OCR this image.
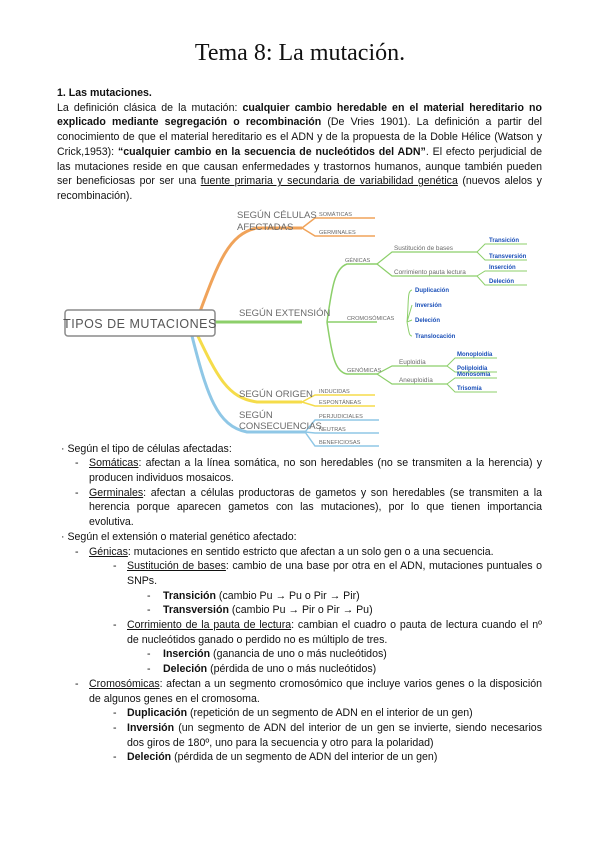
Tema 8: La mutación.
1. Las mutaciones.
La definición clásica de la mutación: cualquier cambio heredable en el material hereditario no explicado mediante segregación o recombinación (De Vries 1901). La definición a partir del conocimiento de que el material hereditario es el ADN y de la propuesta de la Doble Hélice (Watson y Crick,1953): “cualquier cambio en la secuencia de nucleótidos del ADN”. El efecto perjudicial de las mutaciones reside en que causan enfermedades y trastornos humanos, aunque también pueden ser beneficiosas por ser una fuente primaria y secundaria de variabilidad genética (nuevos alelos y recombinación).
TIPOS DE MUTACIONES
SEGÚN CÉLULAS
AFECTADAS
SEGÚN EXTENSIÓN
SEGÚN ORIGEN
SEGÚN
CONSECUENCIAS
SOMÁTICAS
GERMINALES
GÉNICAS
Sustitución de bases
Corrimiento pauta lectura
CROMOSÓMICAS
GENÓMICAS
Euploidía
Aneuploidía
INDUCIDAS
ESPONTÁNEAS
PERJUDICIALES
NEUTRAS
BENEFICIOSAS
Transición
Transversión
Inserción
Deleción
Duplicación
Inversión
Deleción
Translocación
Monoploidía
Poliploidía
Monosomía
Trisomía
· Según el tipo de células afectadas:
- Somáticas: afectan a la línea somática, no son heredables (no se transmiten a la herencia) y producen individuos mosaicos.
- Germinales: afectan a células productoras de gametos y son heredables (se transmiten a la herencia porque aparecen gametos con las mutaciones), por lo que tienen importancia evolutiva.
· Según el extensión o material genético afectado:
- Génicas: mutaciones en sentido estricto que afectan a un solo gen o a una secuencia.
- Sustitución de bases: cambio de una base por otra en el ADN, mutaciones puntuales o SNPs.
- Transición (cambio Pu → Pu o Pir → Pir)
- Transversión (cambio Pu → Pir o Pir → Pu)
- Corrimiento de la pauta de lectura: cambian el cuadro o pauta de lectura cuando el nº de nucleótidos ganado o perdido no es múltiplo de tres.
- Inserción (ganancia de uno o más nucleótidos)
- Deleción (pérdida de uno o más nucleótidos)
- Cromosómicas: afectan a un segmento cromosómico que incluye varios genes o la disposición de algunos genes en el cromosoma.
- Duplicación (repetición de un segmento de ADN en el interior de un gen)
- Inversión (un segmento de ADN del interior de un gen se invierte, siendo necesarios dos giros de 180º, uno para la secuencia y otro para la polaridad)
- Deleción (pérdida de un segmento de ADN del interior de un gen)
